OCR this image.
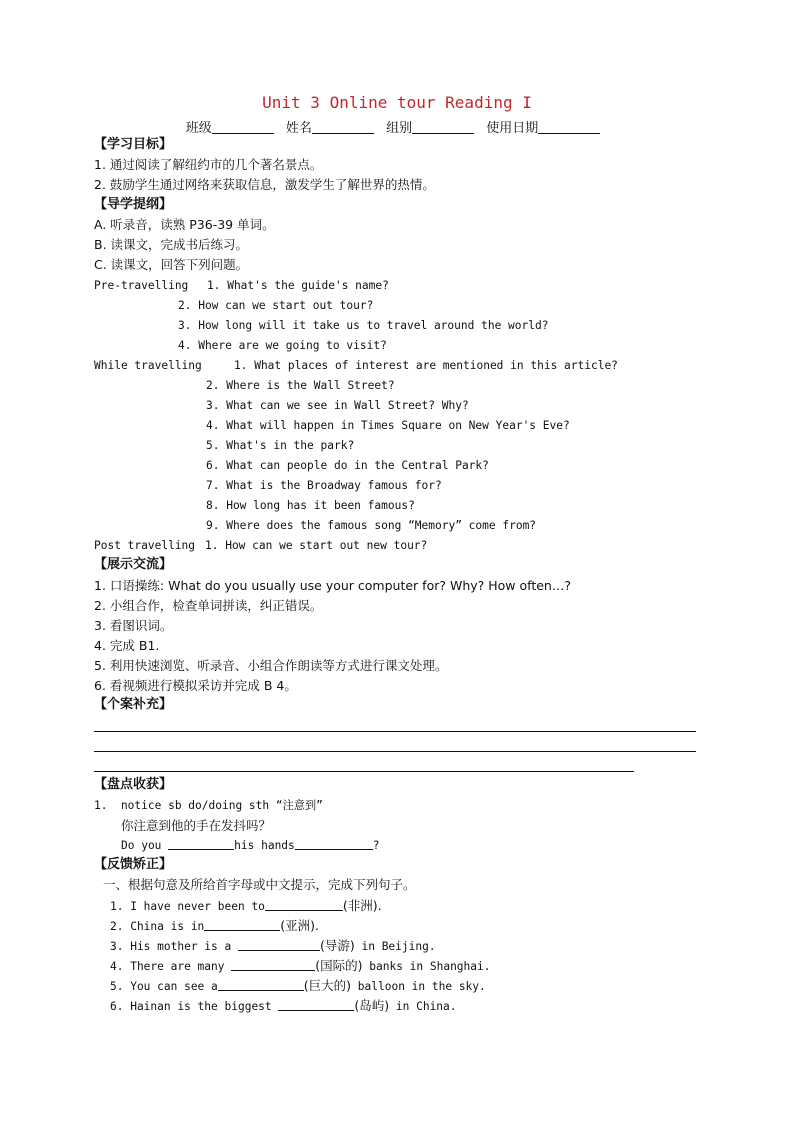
Unit 3 Online tour Reading I
班级	姓名	组别	使用日期
【学习目标】
1. 通过阅读了解纽约市的几个著名景点。
2. 鼓励学生通过网络来获取信息，激发学生了解世界的热情。
【导学提纲】
A. 听录音，读熟 P36-39 单词。
B. 读课文，完成书后练习。
C. 读课文，回答下列问题。
Pre-travelling 1. What's the guide's name?
2. How can we start out tour?
3. How long will it take us to travel around the world?
4. Where are we going to visit?
While travelling	1. What places of interest are mentioned in this article?
2. Where is the Wall Street?
3. What can we see in Wall Street? Why?
4. What will happen in Times Square on New Year's Eve?
5. What's in the park?
6. What can people do in the Central Park?
7. What is the Broadway famous for?
8. How long has it been famous?
9. Where does the famous song “Memory” come from?
Post travelling 1. How can we start out new tour?
【展示交流】
1. 口语操练: What do you usually use your computer for? Why? How often…?
2. 小组合作，检查单词拼读，纠正错误。
3. 看图识词。
4. 完成 B1.
5. 利用快速浏览、听录音、小组合作朗读等方式进行课文处理。
6. 看视频进行模拟采访并完成 B 4。
【个案补充】
【盘点收获】
1.  notice sb do/doing sth “注意到”
你注意到他的手在发抖吗？
Do you	his hands	?
【反馈矫正】
一、根据句意及所给首字母或中文提示，完成下列句子。
1. I have never been to	(非洲).
2. China is in	(亚洲).
3. His mother is a	(导游) in Beijing.
4. There are many	(国际的) banks in Shanghai.
5. You can see a	(巨大的) balloon in the sky.
6. Hainan is the biggest	(岛屿) in China.
